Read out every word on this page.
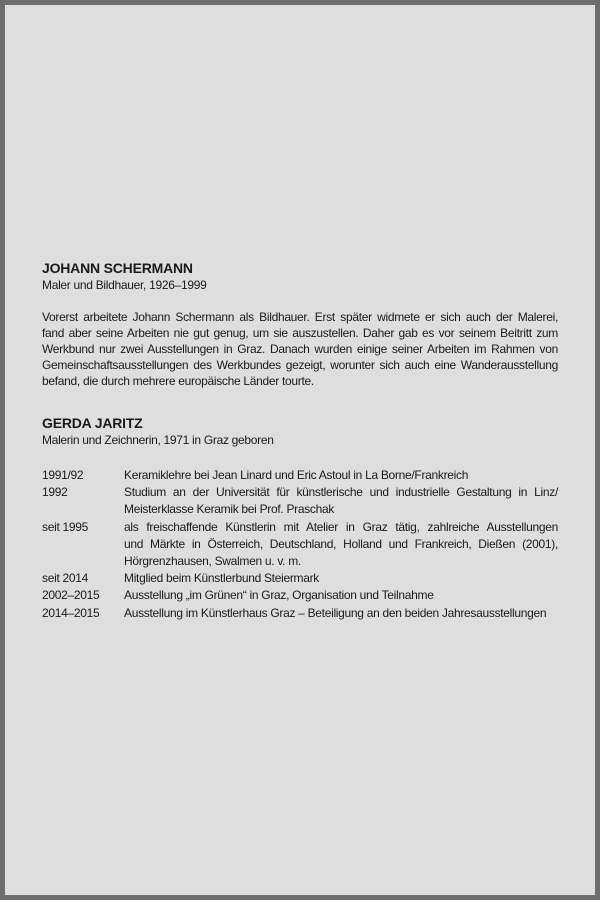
JOHANN SCHERMANN
Maler und Bildhauer, 1926–1999
Vorerst arbeitete Johann Schermann als Bildhauer. Erst später widmete er sich auch der Malerei,
fand aber seine Arbeiten nie gut genug, um sie auszustellen. Daher gab es vor seinem Beitritt zum
Werkbund nur zwei Ausstellungen in Graz. Danach wurden einige seiner Arbeiten im Rahmen von
Gemeinschaftsausstellungen des Werkbundes gezeigt, worunter sich auch eine Wanderausstellung
befand, die durch mehrere europäische Länder tourte.
GERDA JARITZ
Malerin und Zeichnerin, 1971 in Graz geboren
1991/92	Keramiklehre bei Jean Linard und Eric Astoul in La Borne/Frankreich
1992	Studium an der Universität für künstlerische und industrielle Gestaltung in Linz/
Meisterklasse Keramik bei Prof. Praschak
seit 1995	als freischaffende Künstlerin mit Atelier in Graz tätig, zahlreiche Ausstellungen
und Märkte in Österreich, Deutschland, Holland und Frankreich, Dießen (2001),
Hörgrenzhausen, Swalmen u. v. m.
seit 2014	Mitglied beim Künstlerbund Steiermark
2002–2015	Ausstellung „im Grünen“ in Graz, Organisation und Teilnahme
2014–2015	Ausstellung im Künstlerhaus Graz – Beteiligung an den beiden Jahresausstellungen
